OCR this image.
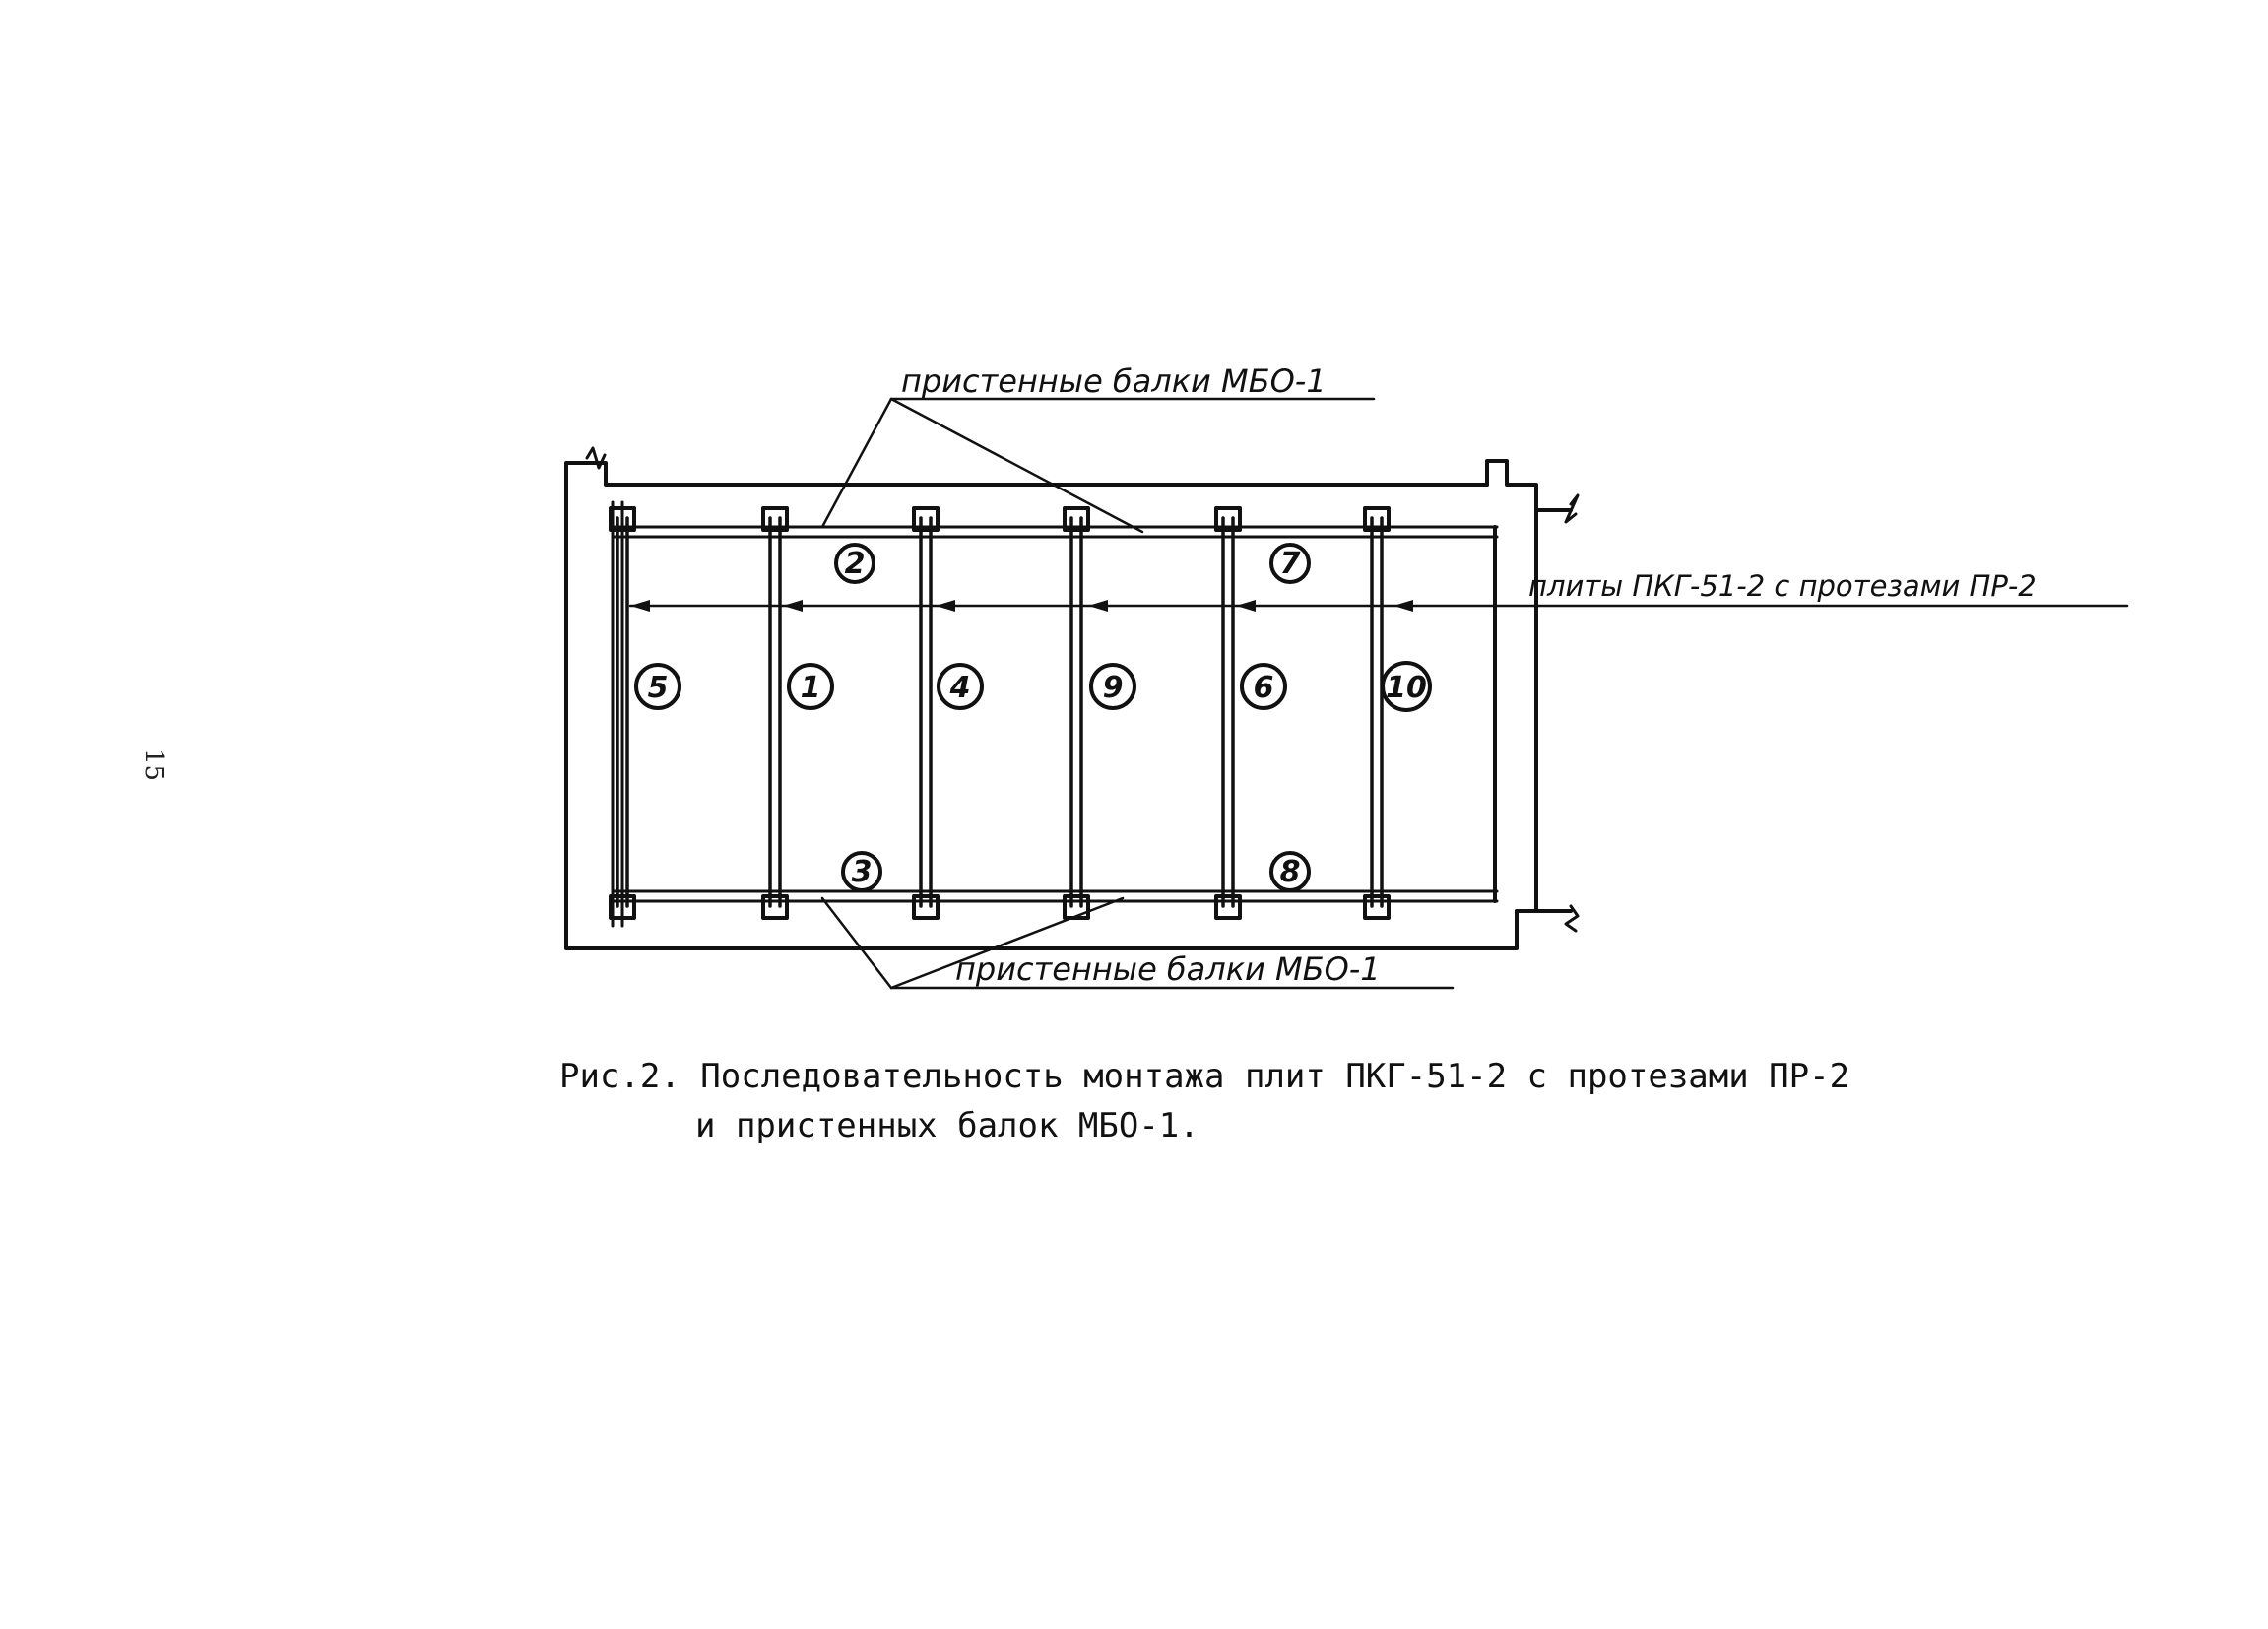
15
пристенные балки МБО-1
пристенные балки МБО-1
плиты ПКГ-51-2 с протезами ПР-2
5	1	4	9	6	10
2	7
3	8
Рис.2. Последовательность монтажа плит ПКГ-51-2 с протезами ПР-2
и пристенных балок МБО-1.
